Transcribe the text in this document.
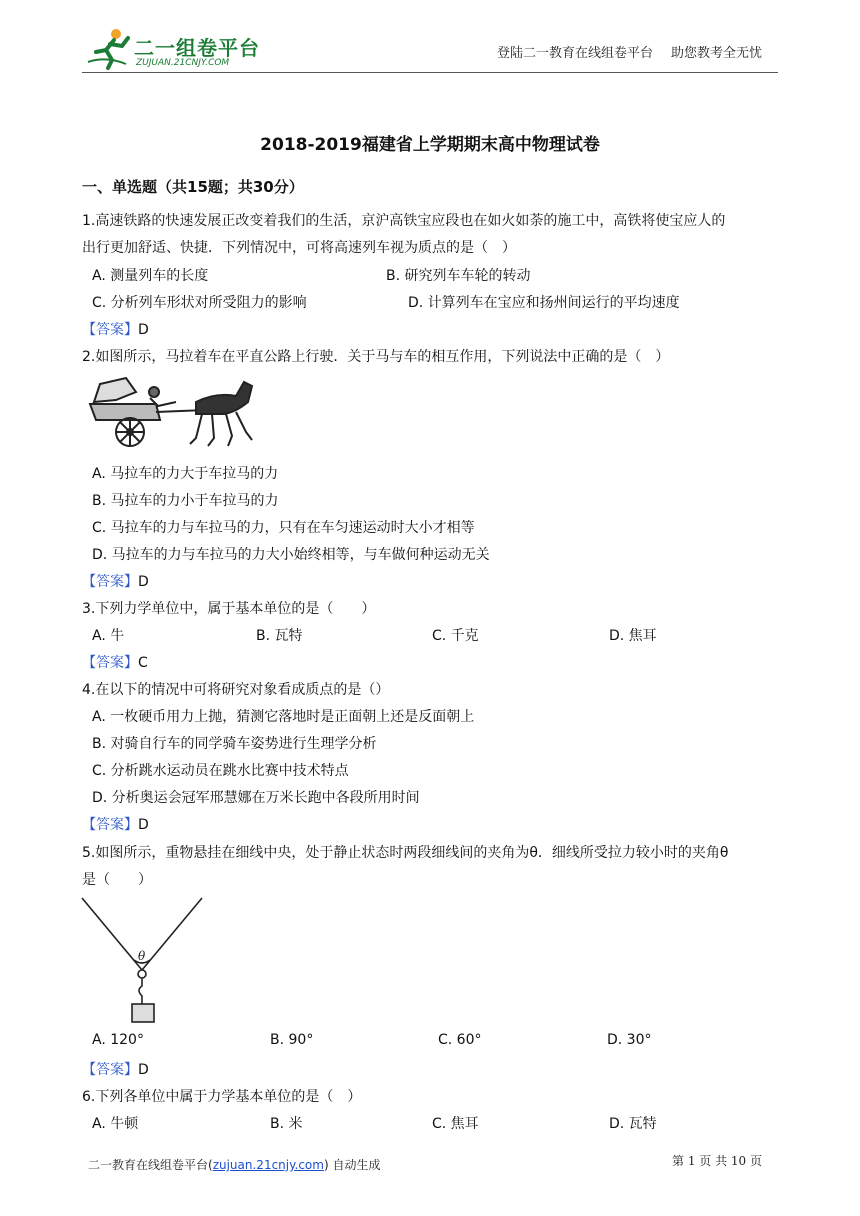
二一组卷平台
ZUJUAN.21CNJY.COM
登陆二一教育在线组卷平台 助您教考全无忧
2018-2019福建省上学期期末高中物理试卷
一、单选题（共15题；共30分）
1.高速铁路的快速发展正改变着我们的生活，京沪高铁宝应段也在如火如荼的施工中，高铁将使宝应人的
出行更加舒适、快捷．下列情况中，可将高速列车视为质点的是（　）
A. 测量列车的长度	B. 研究列车车轮的转动
C. 分析列车形状对所受阻力的影响	D. 计算列车在宝应和扬州间运行的平均速度
【答案】D
2.如图所示，马拉着车在平直公路上行驶．关于马与车的相互作用，下列说法中正确的是（　）
A. 马拉车的力大于车拉马的力
B. 马拉车的力小于车拉马的力
C. 马拉车的力与车拉马的力，只有在车匀速运动时大小才相等
D. 马拉车的力与车拉马的力大小始终相等，与车做何种运动无关
【答案】D
3.下列力学单位中，属于基本单位的是（　　）
A. 牛	B. 瓦特	C. 千克	D. 焦耳
【答案】C
4.在以下的情况中可将研究对象看成质点的是（）
A. 一枚硬币用力上抛，猜测它落地时是正面朝上还是反面朝上
B. 对骑自行车的同学骑车姿势进行生理学分析
C. 分析跳水运动员在跳水比赛中技术特点
D. 分析奥运会冠军邢慧娜在万米长跑中各段所用时间
【答案】D
5.如图所示，重物悬挂在细线中央，处于静止状态时两段细线间的夹角为θ．细线所受拉力较小时的夹角θ
是（　　）
θ
A. 120°	B. 90°	C. 60°	D. 30°
【答案】D
6.下列各单位中属于力学基本单位的是（　）
A. 牛顿	B. 米	C. 焦耳	D. 瓦特
二一教育在线组卷平台(zujuan.21cnjy.com) 自动生成	第 1 页 共 10 页
